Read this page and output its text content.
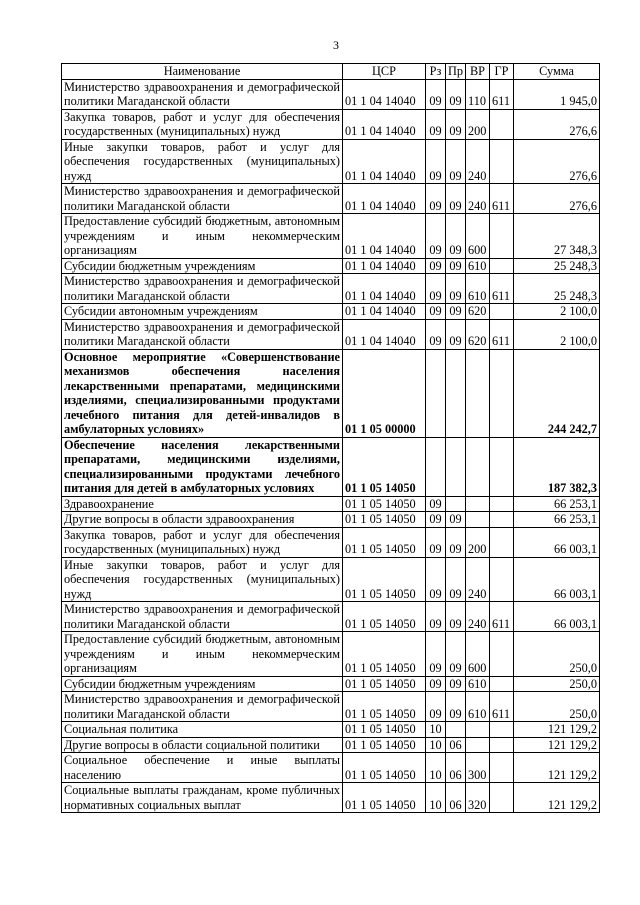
3
Наименование	ЦСР	Рз	Пр	ВР	ГР	Сумма
Министерство здравоохранения и демографической политики Магаданской области	01 1 04 14040	09	09	110	611	1 945,0
Закупка товаров, работ и услуг для обеспечения государственных (муниципальных) нужд	01 1 04 14040	09	09	200		276,6
Иные закупки товаров, работ и услуг для обеспечения государственных (муниципальных) нужд	01 1 04 14040	09	09	240		276,6
Министерство здравоохранения и демографической политики Магаданской области	01 1 04 14040	09	09	240	611	276,6
Предоставление субсидий бюджетным, автономным учреждениям и иным некоммерческим организациям	01 1 04 14040	09	09	600		27 348,3
Субсидии бюджетным учреждениям	01 1 04 14040	09	09	610		25 248,3
Министерство здравоохранения и демографической политики Магаданской области	01 1 04 14040	09	09	610	611	25 248,3
Субсидии автономным учреждениям	01 1 04 14040	09	09	620		2 100,0
Министерство здравоохранения и демографической политики Магаданской области	01 1 04 14040	09	09	620	611	2 100,0
Основное мероприятие «Совершенствование механизмов обеспечения населения лекарственными препаратами, медицинскими изделиями, специализированными продуктами лечебного питания для детей-инвалидов в амбулаторных условиях»	01 1 05 00000					244 242,7
Обеспечение населения лекарственными препаратами, медицинскими изделиями, специализированными продуктами лечебного питания для детей в амбулаторных условиях	01 1 05 14050					187 382,3
Здравоохранение	01 1 05 14050	09				66 253,1
Другие вопросы в области здравоохранения	01 1 05 14050	09	09			66 253,1
Закупка товаров, работ и услуг для обеспечения государственных (муниципальных) нужд	01 1 05 14050	09	09	200		66 003,1
Иные закупки товаров, работ и услуг для обеспечения государственных (муниципальных) нужд	01 1 05 14050	09	09	240		66 003,1
Министерство здравоохранения и демографической политики Магаданской области	01 1 05 14050	09	09	240	611	66 003,1
Предоставление субсидий бюджетным, автономным учреждениям и иным некоммерческим организациям	01 1 05 14050	09	09	600		250,0
Субсидии бюджетным учреждениям	01 1 05 14050	09	09	610		250,0
Министерство здравоохранения и демографической политики Магаданской области	01 1 05 14050	09	09	610	611	250,0
Социальная политика	01 1 05 14050	10				121 129,2
Другие вопросы в области социальной политики	01 1 05 14050	10	06			121 129,2
Социальное обеспечение и иные выплаты населению	01 1 05 14050	10	06	300		121 129,2
Социальные выплаты гражданам, кроме публичных нормативных социальных выплат	01 1 05 14050	10	06	320		121 129,2
